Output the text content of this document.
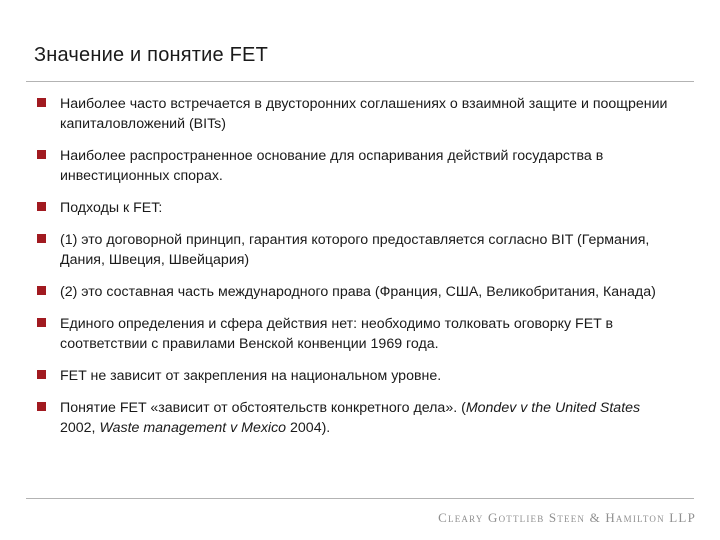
Значение и понятие FET
Наиболее часто встречается в двусторонних соглашениях о взаимной защите и поощрении капиталовложений (BITs)
Наиболее распространенное основание для оспаривания действий государства в инвестиционных спорах.
Подходы к FET:
(1) это договорной принцип, гарантия которого предоставляется согласно BIT (Германия, Дания, Швеция, Швейцария)
(2) это составная часть международного права (Франция, США, Великобритания, Канада)
Единого определения и сфера действия нет: необходимо толковать оговорку FET в соответствии с правилами Венской конвенции 1969 года.
FET не зависит от закрепления на национальном уровне.
Понятие FET «зависит от обстоятельств конкретного дела». (Mondev v the United States 2002, Waste management v Mexico 2004).
Cleary Gottlieb Steen & Hamilton LLP
